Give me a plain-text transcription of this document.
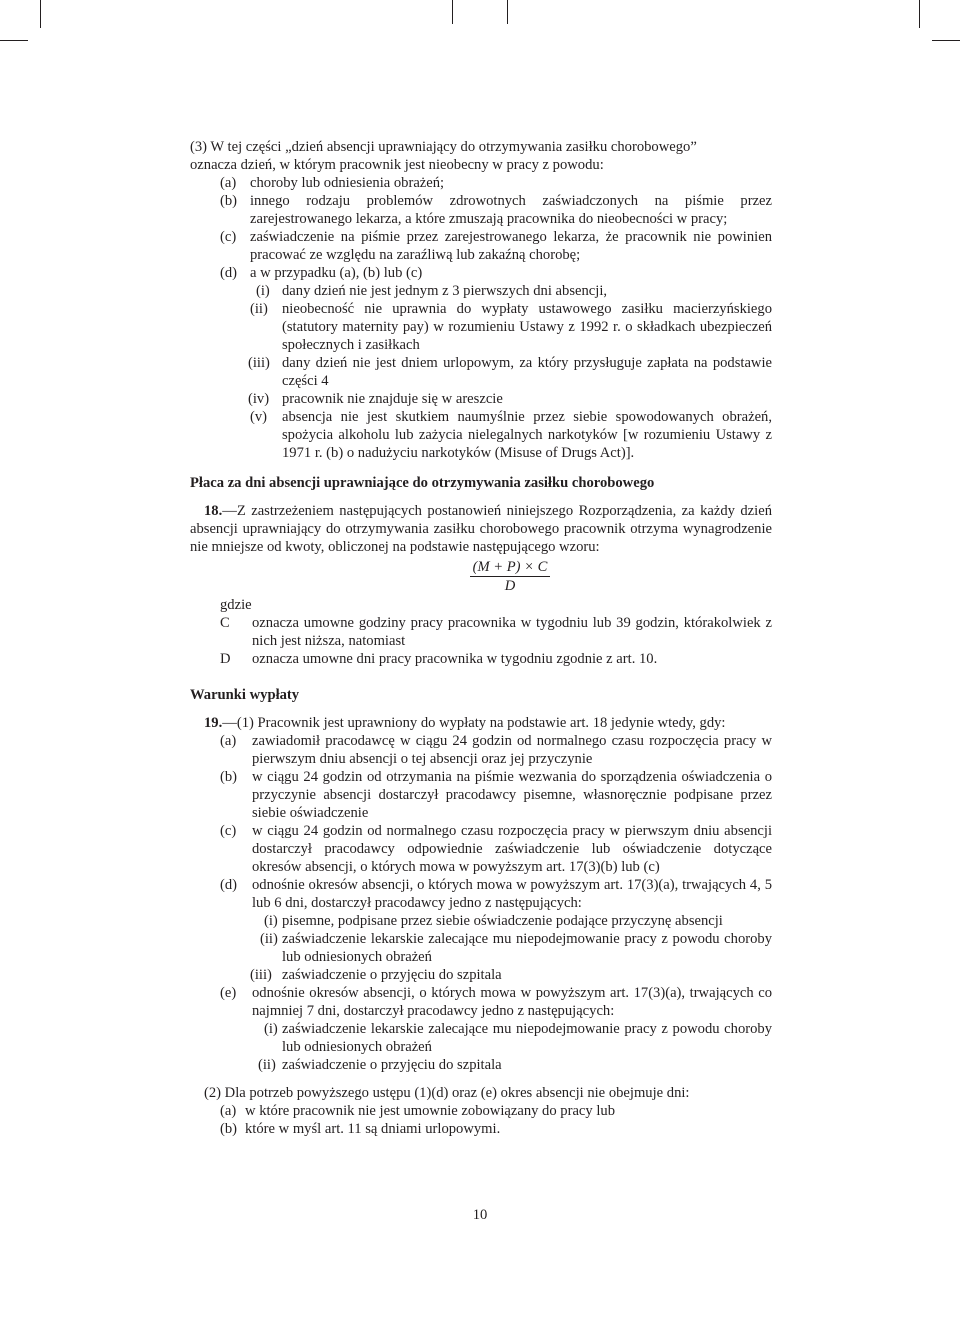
(3) W tej części „dzień absencji uprawniający do otrzymywania zasiłku chorobowego”

oznacza dzień, w którym pracownik jest nieobecny w pracy z powodu:

(a) choroby lub odniesienia obrażeń;
(b) innego rodzaju problemów zdrowotnych zaświadczonych na piśmie przez zarejestrowanego lekarza, a które zmuszają pracownika do nieobecności w pracy;
(c) zaświadczenie na piśmie przez zarejestrowanego lekarza, że pracownik nie powinien pracować ze względu na zaraźliwą lub zakaźną chorobę;
(d) a w przypadku (a), (b) lub (c)
(i) dany dzień nie jest jednym z 3 pierwszych dni absencji,
(ii) nieobecność nie uprawnia do wypłaty ustawowego zasiłku macierzyńskiego (statutory maternity pay) w rozumieniu Ustawy z 1992 r. o składkach ubezpieczeń społecznych i zasiłkach
(iii) dany dzień nie jest dniem urlopowym, za który przysługuje zapłata na podstawie części 4
(iv) pracownik nie znajduje się w areszcie
(v) absencja nie jest skutkiem naumyślnie przez siebie spowodowanych obrażeń, spożycia alkoholu lub zażycia nielegalnych narkotyków [w rozumieniu Ustawy z 1971 r. (b) o nadużyciu narkotyków (Misuse of Drugs Act)].

Płaca za dni absencji uprawniające do otrzymywania zasiłku chorobowego

18.—Z zastrzeżeniem następujących postanowień niniejszego Rozporządzenia, za każdy dzień absencji uprawniający do otrzymywania zasiłku chorobowego pracownik otrzyma wynagrodzenie nie mniejsze od kwoty, obliczonej na podstawie następującego wzoru:

(M + P) × C
D

gdzie

C oznacza umowne godziny pracy pracownika w tygodniu lub 39 godzin, którakolwiek z nich jest niższa, natomiast
D oznacza umowne dni pracy pracownika w tygodniu zgodnie z art. 10.

Warunki wypłaty

19.—(1) Pracownik jest uprawniony do wypłaty na podstawie art. 18 jedynie wtedy, gdy:

(a) zawiadomił pracodawcę w ciągu 24 godzin od normalnego czasu rozpoczęcia pracy w pierwszym dniu absencji o tej absencji oraz jej przyczynie
(b) w ciągu 24 godzin od otrzymania na piśmie wezwania do sporządzenia oświadczenia o przyczynie absencji dostarczył pracodawcy pisemne, własnoręcznie podpisane przez siebie oświadczenie
(c) w ciągu 24 godzin od normalnego czasu rozpoczęcia pracy w pierwszym dniu absencji dostarczył pracodawcy odpowiednie zaświadczenie lub oświadczenie dotyczące okresów absencji, o których mowa w powyższym art. 17(3)(b) lub (c)
(d) odnośnie okresów absencji, o których mowa w powyższym art. 17(3)(a), trwających 4, 5 lub 6 dni, dostarczył pracodawcy jedno z następujących:
(i) pisemne, podpisane przez siebie oświadczenie podające przyczynę absencji
(ii) zaświadczenie lekarskie zalecające mu niepodejmowanie pracy z powodu choroby lub odniesionych obrażeń
(iii) zaświadczenie o przyjęciu do szpitala
(e) odnośnie okresów absencji, o których mowa w powyższym art. 17(3)(a), trwających co najmniej 7 dni, dostarczył pracodawcy jedno z następujących:
(i) zaświadczenie lekarskie zalecające mu niepodejmowanie pracy z powodu choroby lub odniesionych obrażeń
(ii) zaświadczenie o przyjęciu do szpitala

(2) Dla potrzeb powyższego ustępu (1)(d) oraz (e) okres absencji nie obejmuje dni:

(a) w które pracownik nie jest umownie zobowiązany do pracy lub
(b) które w myśl art. 11 są dniami urlopowymi.
10
